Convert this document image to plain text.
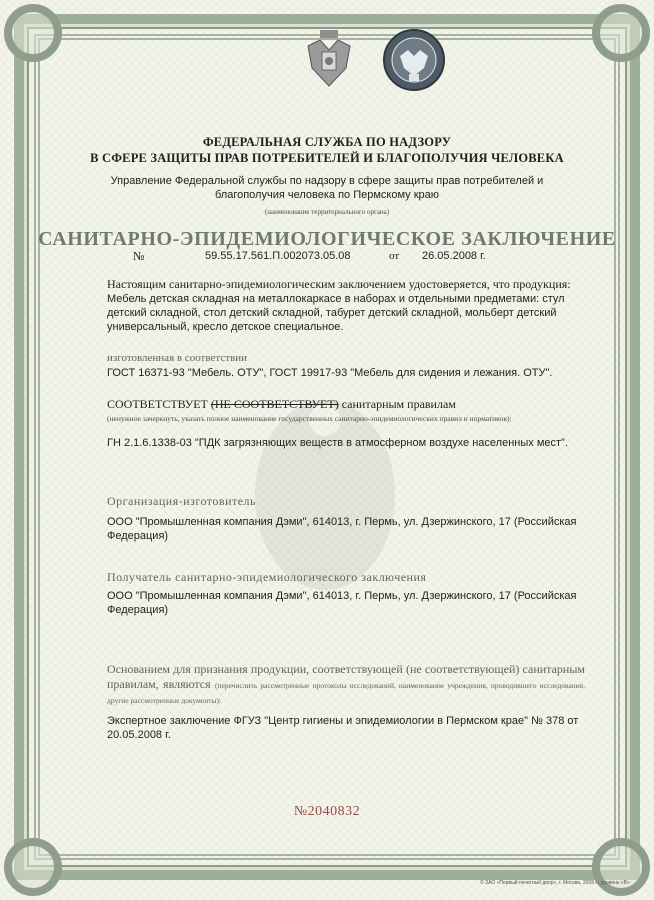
ФЕДЕРАЛЬНАЯ СЛУЖБА ПО НАДЗОРУ
В СФЕРЕ ЗАЩИТЫ ПРАВ ПОТРЕБИТЕЛЕЙ И БЛАГОПОЛУЧИЯ ЧЕЛОВЕКА
Управление Федеральной службы по надзору в сфере защиты прав потребителей и благополучия человека по Пермскому краю
(наименование территориального органа)
САНИТАРНО-ЭПИДЕМИОЛОГИЧЕСКОЕ ЗАКЛЮЧЕНИЕ
№	59.55.17.561.П.002073.05.08	от 26.05.2008 г.
Настоящим санитарно-эпидемиологическим заключением удостоверяется, что продукция:
Мебель детская складная на металлокаркасе в наборах и отдельными предметами: стул детский складной, стол детский складной, табурет детский складной, мольберт детский универсальный, кресло детское специальное.
изготовленная в соответствии
ГОСТ 16371-93 "Мебель. ОТУ", ГОСТ 19917-93 "Мебель для сидения и лежания. ОТУ".
СООТВЕТСТВУЕТ (НЕ СООТВЕТСТВУЕТ) санитарным правилам
(ненужное зачеркнуть, указать полное наименование государственных санитарно-эпидемиологических правил и нормативов):
ГН 2.1.6.1338-03 "ПДК загрязняющих веществ в атмосферном воздухе населенных мест".
Организация-изготовитель
ООО "Промышленная компания Дэми", 614013, г. Пермь, ул. Дзержинского, 17 (Российская Федерация)
Получатель санитарно-эпидемиологического заключения
ООО "Промышленная компания Дэми", 614013, г. Пермь, ул. Дзержинского, 17 (Российская Федерация)
Основанием для признания продукции, соответствующей (не соответствующей) санитарным правилам, являются (перечислить рассмотренные протоколы исследований, наименование учреждения, проводившего исследования, другие рассмотренные документы):
Экспертное заключение ФГУЗ "Центр гигиены и эпидемиологии в Пермском крае" № 378 от 20.05.2008 г.
№2040832
© ЗАО «Первый печатный двор», г. Москва, 2008 г., уровень «В»
